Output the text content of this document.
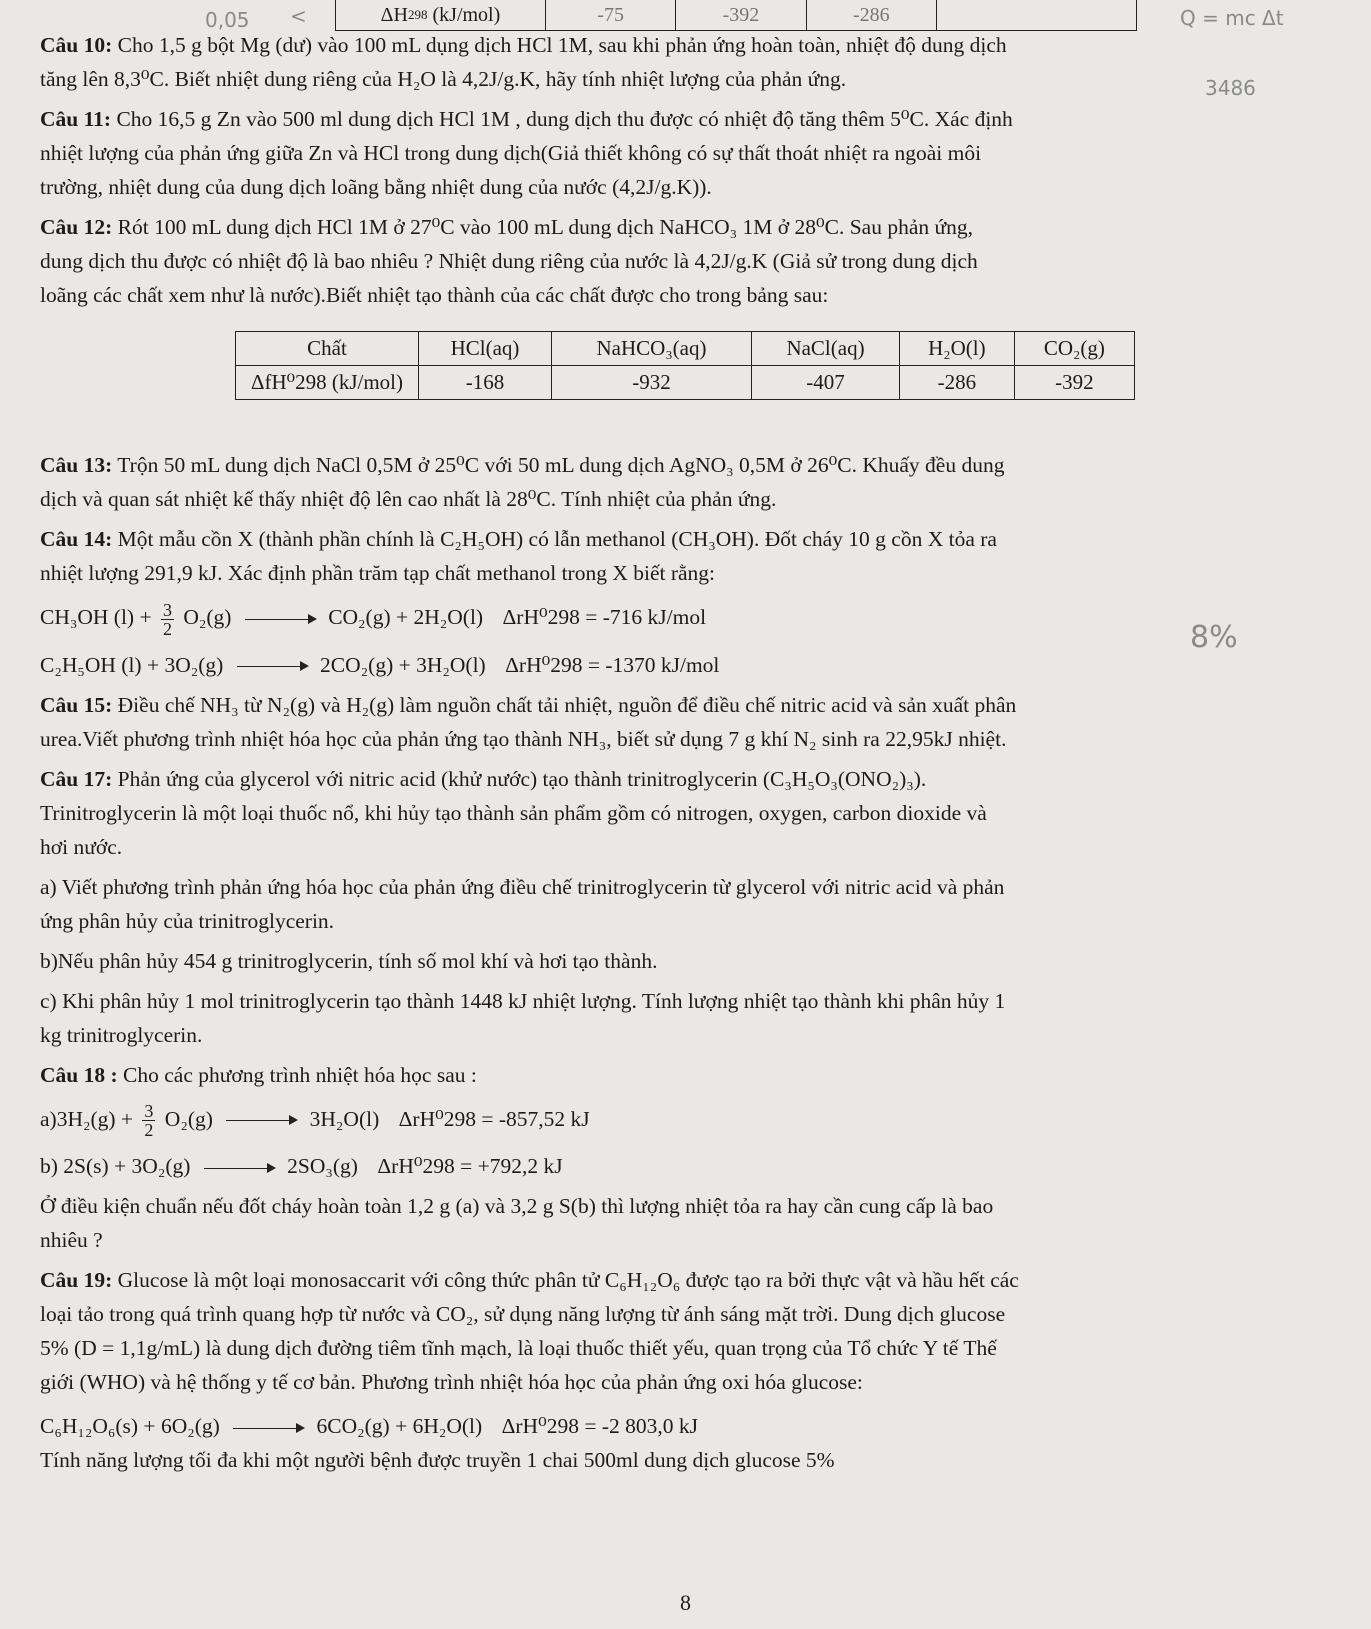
Δ H 298
(kJ/mol)	-75	-392	-286
0,05 <	Q = mc Δt
3486
8%

Câu 10: Cho 1,5 g bột Mg (dư) vào 100 mL dụng dịch HCl 1M, sau khi phản ứng hoàn toàn, nhiệt độ dung dịch

tăng lên 8,3⁰C. Biết nhiệt dung riêng của H₂O là 4,2J/g.K, hãy tính nhiệt lượng của phản ứng.

Câu 11: Cho 16,5 g Zn vào 500 ml dung dịch HCl 1M , dung dịch thu được có nhiệt độ tăng thêm 5⁰C. Xác định

nhiệt lượng của phản ứng giữa Zn và HCl trong dung dịch(Giả thiết không có sự thất thoát nhiệt ra ngoài môi

trường, nhiệt dung của dung dịch loãng bằng nhiệt dung của nước (4,2J/g.K)).

Câu 12: Rót 100 mL dung dịch HCl 1M ở 27⁰C vào 100 mL dung dịch NaHCO₃ 1M ở 28⁰C. Sau phản ứng,

dung dịch thu được có nhiệt độ là bao nhiêu ? Nhiệt dung riêng của nước là 4,2J/g.K (Giả sử trong dung dịch

loãng các chất xem như là nước).Biết nhiệt tạo thành của các chất được cho trong bảng sau:

Chất	HCl(aq)	NaHCO₃(aq)	NaCl(aq)	H₂O(l)	CO₂(g)
ΔfH⁰298 (kJ/mol)	-168	-932	-407	-286	-392

Câu 13: Trộn 50 mL dung dịch NaCl 0,5M ở 25⁰C với 50 mL dung dịch AgNO₃ 0,5M ở 26⁰C. Khuấy đều dung

dịch và quan sát nhiệt kế thấy nhiệt độ lên cao nhất là 28⁰C. Tính nhiệt của phản ứng.

Câu 14: Một mẫu cồn X (thành phần chính là C₂H₅OH) có lẫn methanol (CH₃OH). Đốt cháy 10 g cồn X tỏa ra

nhiệt lượng 291,9 kJ. Xác định phần trăm tạp chất methanol trong X biết rằng:

CH₃OH $(l) + \frac{3}{2} O_2(g) \to CO_2(g) + 2H_2O(l) \Delta rH^0298 = -716$ kJ/mol

C₂H₅OH (l) + 3O₂(g) → 2CO₂(g) + 3H₂O(l) ΔrH⁰298 = -1370 kJ/mol

Câu 15: Điều chế NH₃ từ N₂(g) và H₂(g) làm nguồn chất tải nhiệt, nguồn để điều chế nitric acid và sản xuất phân

urea.Viết phương trình nhiệt hóa học của phản ứng tạo thành NH₃, biết sử dụng 7 g khí N₂ sinh ra 22,95kJ nhiệt.

Câu 17: Phản ứng của glycerol với nitric acid (khử nước) tạo thành trinitroglycerin (C₃H₅O₃(ONO₂)₃).

Trinitroglycerin là một loại thuốc nổ, khi hủy tạo thành sản phẩm gồm có nitrogen, oxygen, carbon dioxide và

hơi nước.

a) Viết phương trình phản ứng hóa học của phản ứng điều chế trinitroglycerin từ glycerol với nitric acid và phản

ứng phân hủy của trinitroglycerin.

b)Nếu phân hủy 454 g trinitroglycerin, tính số mol khí và hơi tạo thành.

c) Khi phân hủy 1 mol trinitroglycerin tạo thành 1448 kJ nhiệt lượng. Tính lượng nhiệt tạo thành khi phân hủy 1

kg trinitroglycerin.

Câu 18 : Cho các phương trình nhiệt hóa học sau :

$a)3H_2(g) + \frac{3}{2} O_2(g) \to 3H_2O(l) \Delta rH^0298 = -857,52$ kJ

b) 2S(s) + 3O₂(g) → 2SO₃(g) ΔrH⁰298 = +792,2 kJ

Ở điều kiện chuẩn nếu đốt cháy hoàn toàn 1,2 g (a) và 3,2 g S(b) thì lượng nhiệt tỏa ra hay cần cung cấp là bao

nhiêu ?

Câu 19: Glucose là một loại monosaccarit với công thức phân tử C₆H₁₂O₆ được tạo ra bởi thực vật và hầu hết các

loại tảo trong quá trình quang hợp từ nước và CO₂, sử dụng năng lượng từ ánh sáng mặt trời. Dung dịch glucose

5% (D = 1,1g/mL) là dung dịch đường tiêm tĩnh mạch, là loại thuốc thiết yếu, quan trọng của Tổ chức Y tế Thế

giới (WHO) và hệ thống y tế cơ bản. Phương trình nhiệt hóa học của phản ứng oxi hóa glucose:

C₆H₁₂O₆(s) + 6O₂(g) → 6CO₂(g) + 6H₂O(l) ΔrH⁰298 = -2 803,0 kJ

Tính năng lượng tối đa khi một người bệnh được truyền 1 chai 500ml dung dịch glucose 5%

8
